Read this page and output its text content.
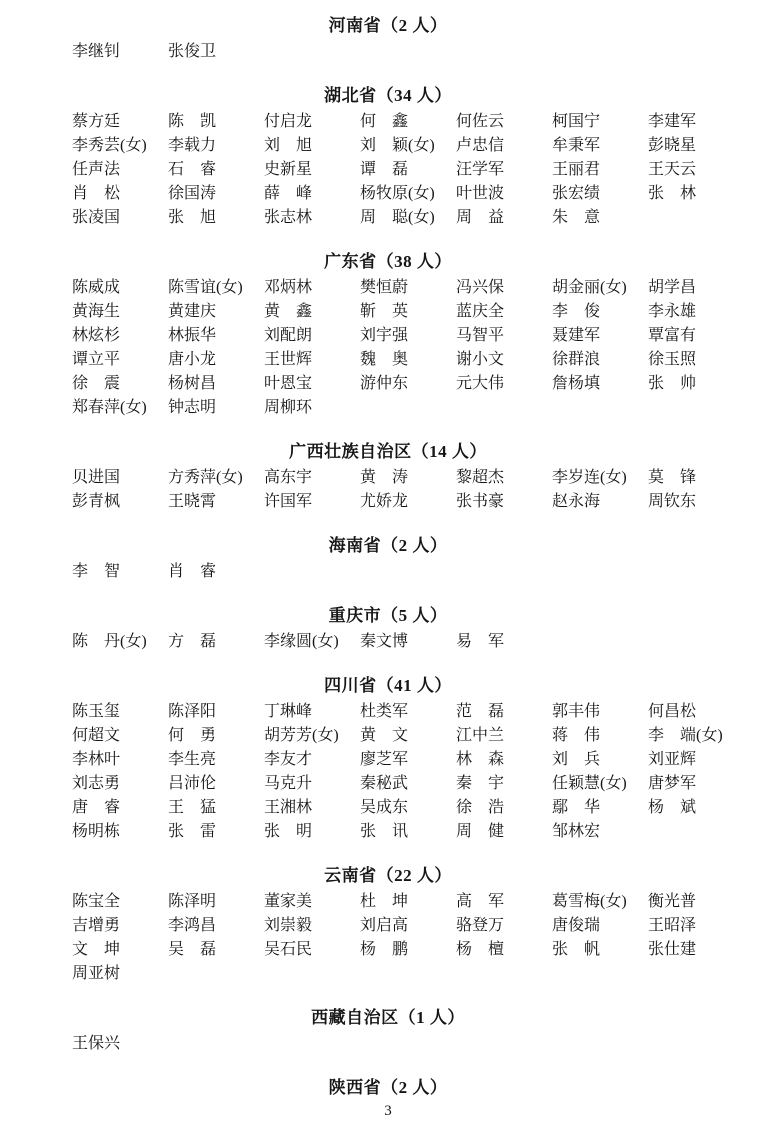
河南省（2 人）
李继钊	张俊卫
湖北省（34 人）
蔡方廷	陈　凯	付启龙	何　鑫	何佐云	柯国宁	李建军
李秀芸(女)	李载力	刘　旭	刘　颖(女)	卢忠信	牟秉军	彭晓星
任声法	石　睿	史新星	谭　磊	汪学军	王丽君	王天云
肖　松	徐国涛	薛　峰	杨牧原(女)	叶世波	张宏绩	张　林
张凌国	张　旭	张志林	周　聪(女)	周　益	朱　意
广东省（38 人）
陈威成	陈雪谊(女)	邓炳林	樊恒蔚	冯兴保	胡金丽(女)	胡学昌
黄海生	黄建庆	黄　鑫	靳　英	蓝庆全	李　俊	李永雄
林炫杉	林振华	刘配朗	刘宇强	马智平	聂建军	覃富有
谭立平	唐小龙	王世辉	魏　奥	谢小文	徐群浪	徐玉照
徐　震	杨树昌	叶恩宝	游仲东	元大伟	詹杨填	张　帅
郑春萍(女)	钟志明	周柳环
广西壮族自治区（14 人）
贝进国	方秀萍(女)	高东宇	黄　涛	黎超杰	李岁连(女)	莫　锋
彭青枫	王晓霄	许国军	尤娇龙	张书豪	赵永海	周钦东
海南省（2 人）
李　智	肖　睿
重庆市（5 人）
陈　丹(女)	方　磊	李缘圆(女)	秦文博	易　军
四川省（41 人）
陈玉玺	陈泽阳	丁琳峰	杜类军	范　磊	郭丰伟	何昌松
何超文	何　勇	胡芳芳(女)	黄　文	江中兰	蒋　伟	李　端(女)
李林叶	李生亮	李友才	廖芝军	林　森	刘　兵	刘亚辉
刘志勇	吕沛伦	马克升	秦秘武	秦　宇	任颖慧(女)	唐梦军
唐　睿	王　猛	王湘林	吴成东	徐　浩	鄢　华	杨　斌
杨明栋	张　雷	张　明	张　讯	周　健	邹林宏
云南省（22 人）
陈宝全	陈泽明	董家美	杜　坤	高　军	葛雪梅(女)	衡光普
吉增勇	李鸿昌	刘崇毅	刘启高	骆登万	唐俊瑞	王昭泽
文　坤	吴　磊	吴石民	杨　鹏	杨　檀	张　帆	张仕建
周亚树
西藏自治区（1 人）
王保兴
陕西省（2 人）
3
